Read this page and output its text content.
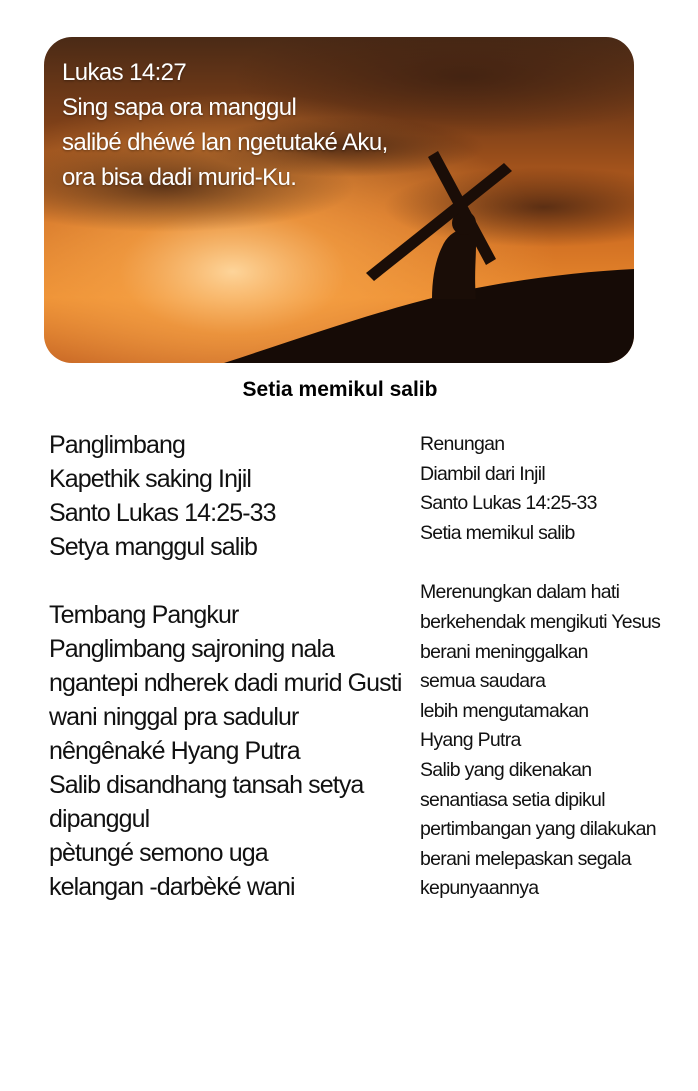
Lukas 14:27
Sing sapa ora manggul
salibé dhéwé lan ngetutaké Aku,
ora bisa dadi murid-Ku.
Setia memikul salib
Panglimbang
Kapethik saking Injil
Santo Lukas 14:25-33
Setya manggul salib
Tembang Pangkur
Panglimbang sajroning nala
ngantepi ndherek dadi murid Gusti
wani ninggal pra sadulur
nêngênaké Hyang Putra
Salib disandhang tansah setya
dipanggul
pètungé semono uga
kelangan -darbèké wani
Renungan
Diambil dari Injil
Santo Lukas 14:25-33
Setia memikul salib
Merenungkan dalam hati
berkehendak mengikuti Yesus
berani meninggalkan
semua saudara
lebih mengutamakan
Hyang Putra
Salib yang dikenakan
senantiasa setia dipikul
pertimbangan yang dilakukan
berani melepaskan segala
kepunyaannya
